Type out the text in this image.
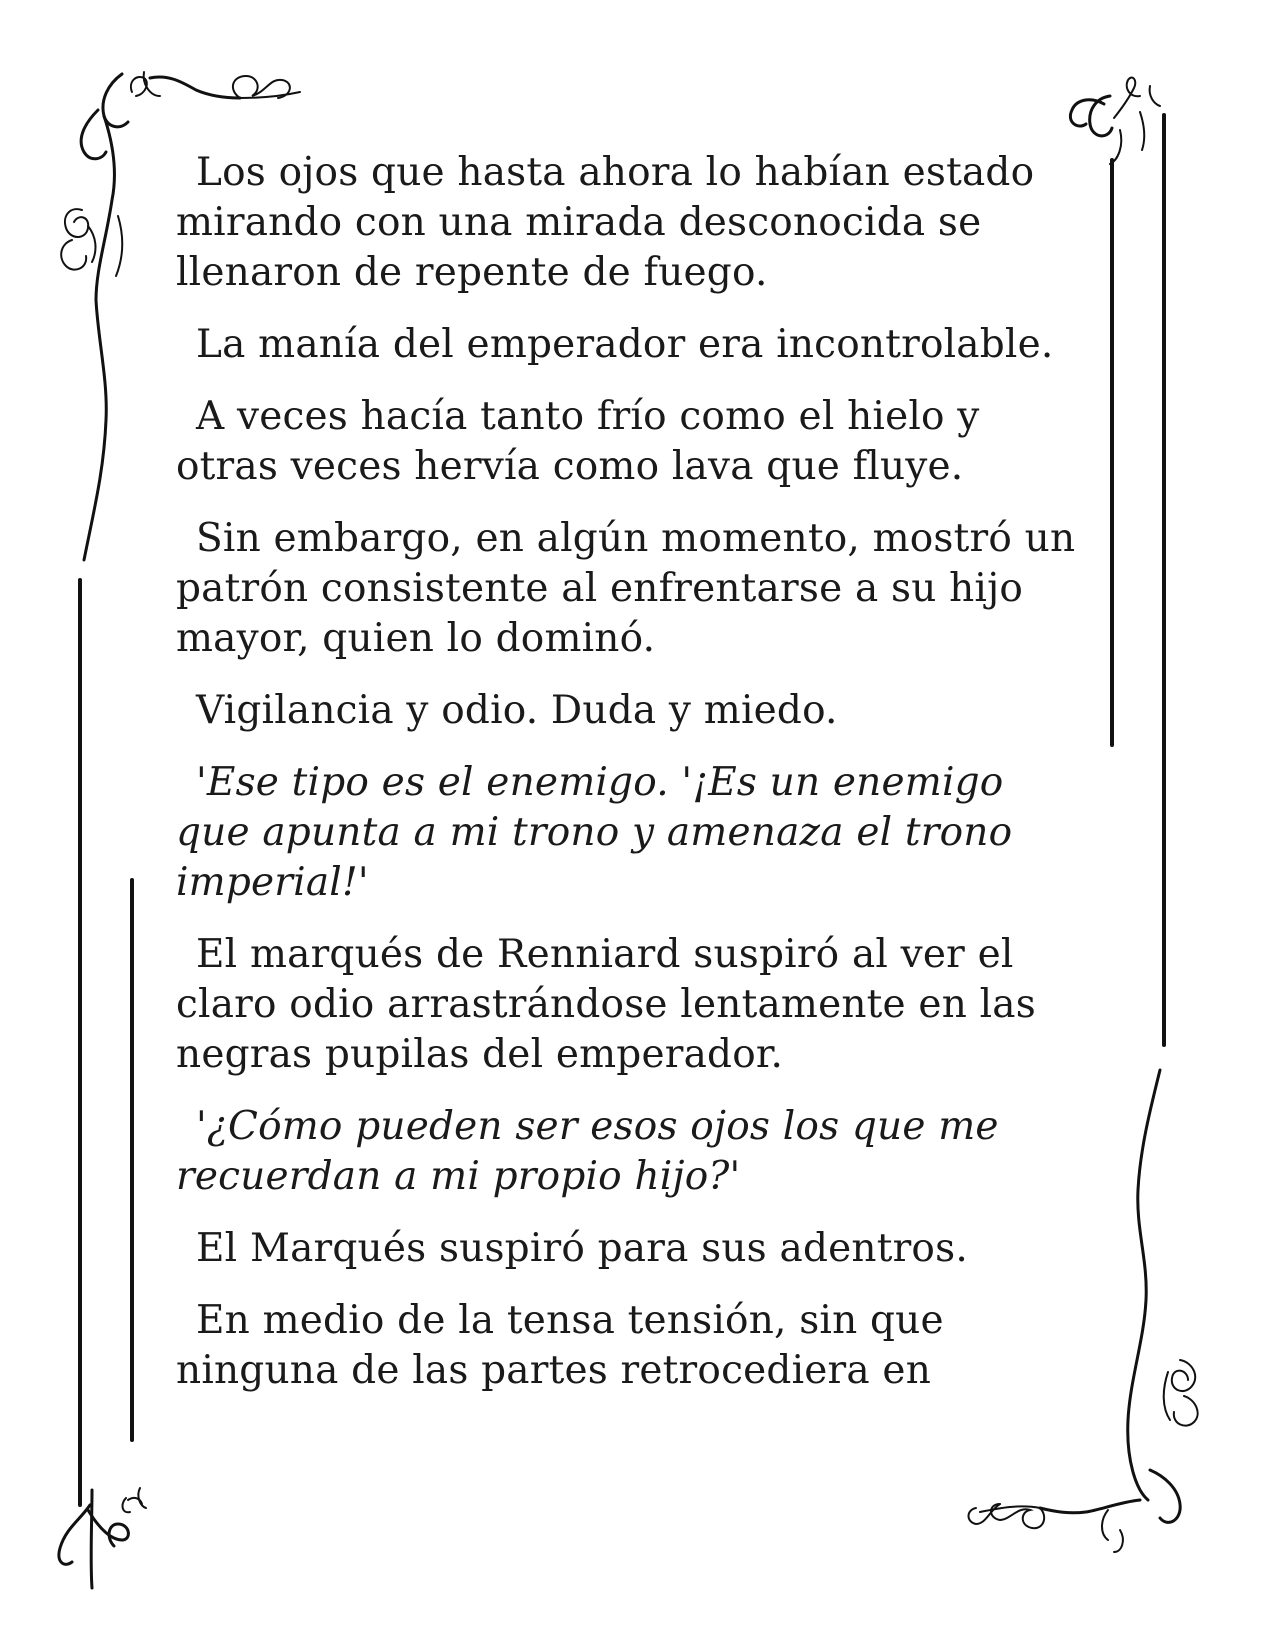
Los ojos que hasta ahora lo habían estado mirando con una mirada desconocida se llenaron de repente de fuego.

La manía del emperador era incontrolable.

A veces hacía tanto frío como el hielo y otras veces hervía como lava que fluye.

Sin embargo, en algún momento, mostró un patrón consistente al enfrentarse a su hijo mayor, quien lo dominó.

Vigilancia y odio. Duda y miedo.

'Ese tipo es el enemigo. '¡Es un enemigo que apunta a mi trono y amenaza el trono imperial!'

El marqués de Renniard suspiró al ver el claro odio arrastrándose lentamente en las negras pupilas del emperador.

'¿Cómo pueden ser esos ojos los que me recuerdan a mi propio hijo?'

El Marqués suspiró para sus adentros.

En medio de la tensa tensión, sin que ninguna de las partes retrocediera en
